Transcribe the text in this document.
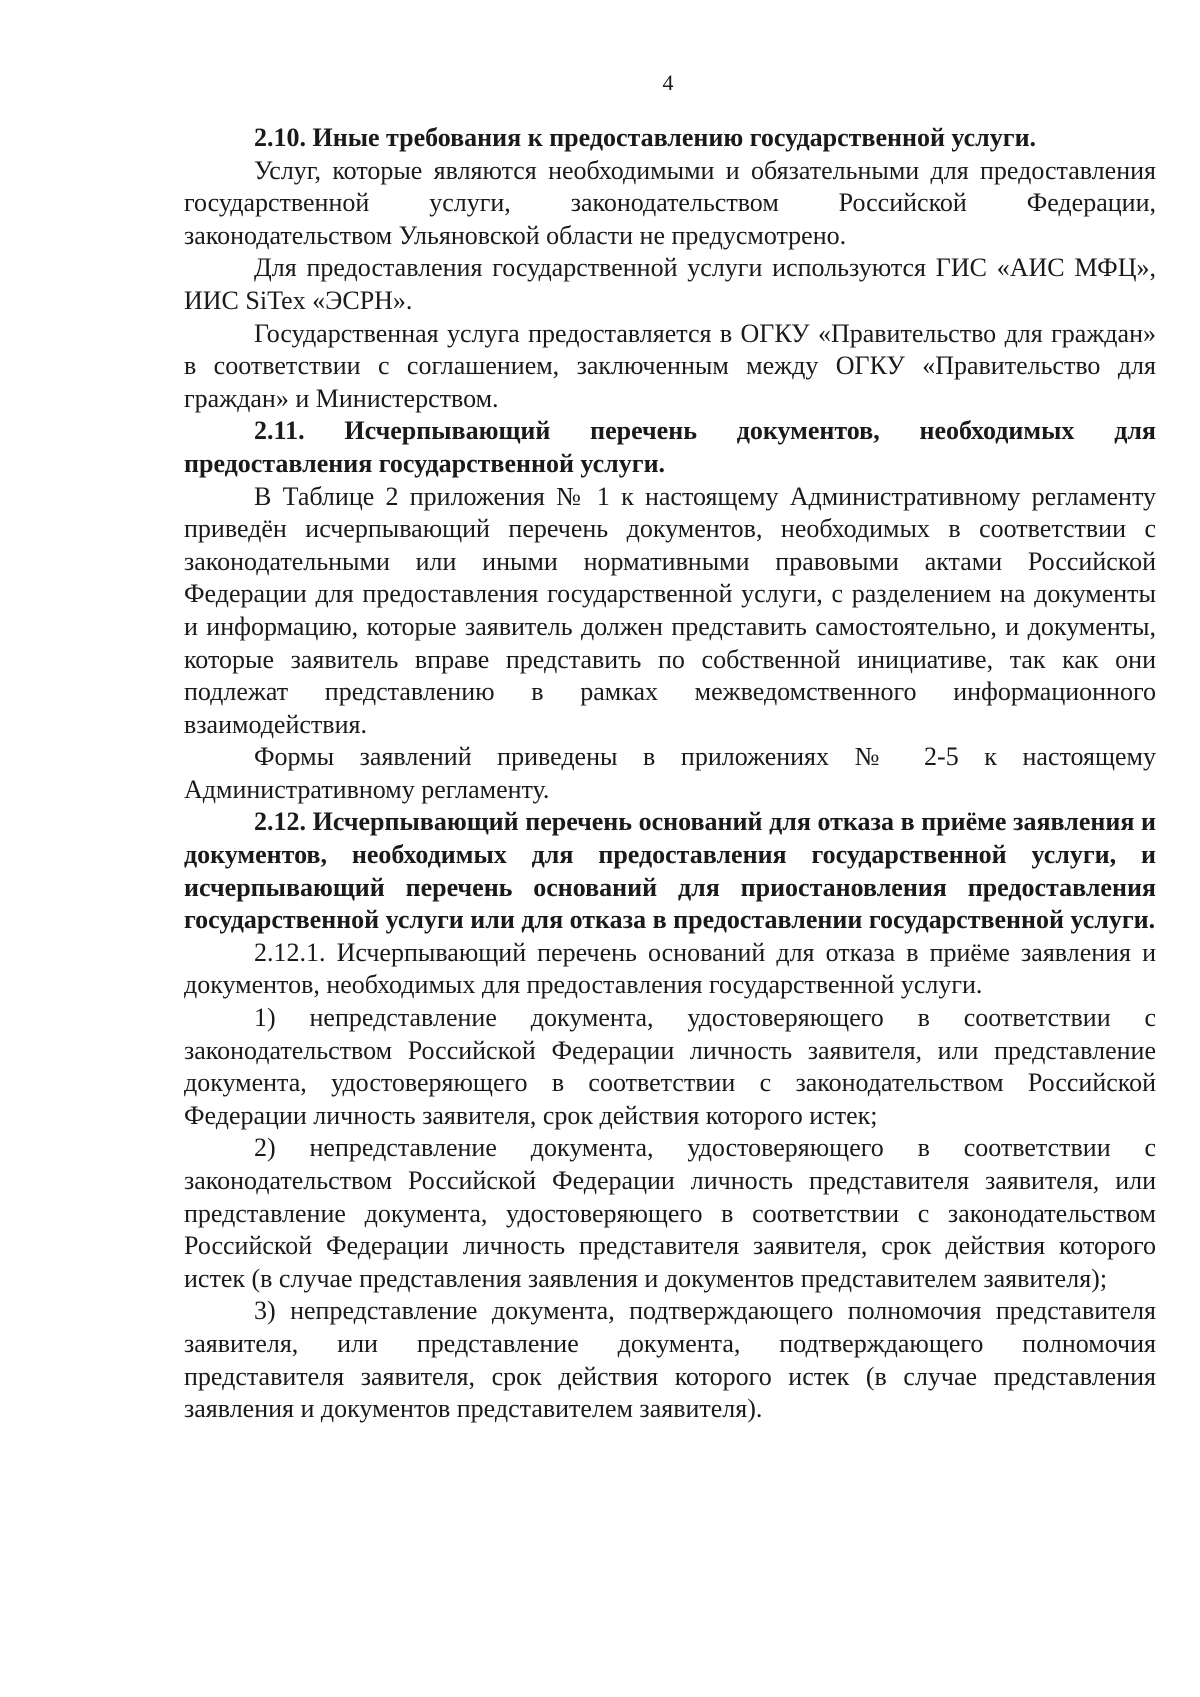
4

2.10. Иные требования к предоставлению государственной услуги.

Услуг, которые являются необходимыми и обязательными для предоставления государственной услуги, законодательством Российской Федерации, законодательством Ульяновской области не предусмотрено.

Для предоставления государственной услуги используются ГИС «АИС МФЦ», ИИС SiTex «ЭСРН».

Государственная услуга предоставляется в ОГКУ «Правительство для граждан» в соответствии с соглашением, заключенным между ОГКУ «Правительство для граждан» и Министерством.

2.11. Исчерпывающий перечень документов, необходимых для предоставления государственной услуги.

В Таблице 2 приложения № 1 к настоящему Административному регламенту приведён исчерпывающий перечень документов, необходимых в соответствии с законодательными или иными нормативными правовыми актами Российской Федерации для предоставления государственной услуги, с разделением на документы и информацию, которые заявитель должен представить самостоятельно, и документы, которые заявитель вправе представить по собственной инициативе, так как они подлежат представлению в рамках межведомственного информационного взаимодействия.

Формы заявлений приведены в приложениях № 2-5 к настоящему Административному регламенту.

2.12. Исчерпывающий перечень оснований для отказа в приёме заявления и документов, необходимых для предоставления государственной услуги, и исчерпывающий перечень оснований для приостановления предоставления государственной услуги или для отказа в предоставлении государственной услуги.

2.12.1. Исчерпывающий перечень оснований для отказа в приёме заявления и документов, необходимых для предоставления государственной услуги.

1) непредставление документа, удостоверяющего в соответствии с законодательством Российской Федерации личность заявителя, или представление документа, удостоверяющего в соответствии с законодательством Российской Федерации личность заявителя, срок действия которого истек;

2) непредставление документа, удостоверяющего в соответствии с законодательством Российской Федерации личность представителя заявителя, или представление документа, удостоверяющего в соответствии с законодательством Российской Федерации личность представителя заявителя, срок действия которого истек (в случае представления заявления и документов представителем заявителя);

3) непредставление документа, подтверждающего полномочия представителя заявителя, или представление документа, подтверждающего полномочия представителя заявителя, срок действия которого истек (в случае представления заявления и документов представителем заявителя).
